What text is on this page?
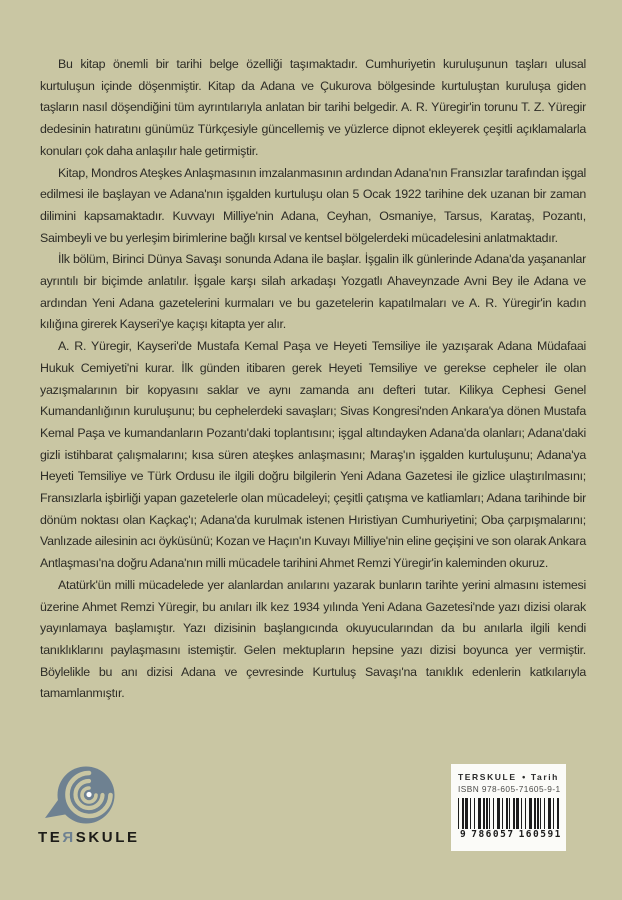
Bu kitap önemli bir tarihi belge özelliği taşımaktadır. Cumhuriyetin kuruluşunun taşları ulusal kurtuluşun içinde döşenmiştir. Kitap da Adana ve Çukurova bölgesinde kurtuluştan kuruluşa giden taşların nasıl döşendiğini tüm ayrıntılarıyla anlatan bir tarihi belgedir. A. R. Yüregir'in torunu T. Z. Yüregir dedesinin hatıratını günümüz Türkçesiyle güncellemiş ve yüzlerce dipnot ekleyerek çeşitli açıklamalarla konuları çok daha anlaşılır hale getirmiştir.

Kitap, Mondros Ateşkes Anlaşmasının imzalanmasının ardından Adana'nın Fransızlar tarafından işgal edilmesi ile başlayan ve Adana'nın işgalden kurtuluşu olan 5 Ocak 1922 tarihine dek uzanan bir zaman dilimini kapsamaktadır. Kuvvayı Milliye'nin Adana, Ceyhan, Osmaniye, Tarsus, Karataş, Pozantı, Saimbeyli ve bu yerleşim birimlerine bağlı kırsal ve kentsel bölgelerdeki mücadelesini anlatmaktadır.

İlk bölüm, Birinci Dünya Savaşı sonunda Adana ile başlar. İşgalin ilk günlerinde Adana'da yaşananlar ayrıntılı bir biçimde anlatılır. İşgale karşı silah arkadaşı Yozgatlı Ahaveynzade Avni Bey ile Adana ve ardından Yeni Adana gazetelerini kurmaları ve bu gazetelerin kapatılmaları ve A. R. Yüregir'in kadın kılığına girerek Kayseri'ye kaçışı kitapta yer alır.

A. R. Yüregir, Kayseri'de Mustafa Kemal Paşa ve Heyeti Temsiliye ile yazışarak Adana Müdafaai Hukuk Cemiyeti'ni kurar. İlk günden itibaren gerek Heyeti Temsiliye ve gerekse cepheler ile olan yazışmalarının bir kopyasını saklar ve aynı zamanda anı defteri tutar. Kilikya Cephesi Genel Kumandanlığının kuruluşunu; bu cephelerdeki savaşları; Sivas Kongresi'nden Ankara'ya dönen Mustafa Kemal Paşa ve kumandanların Pozantı'daki toplantısını; işgal altındayken Adana'da olanları; Adana'daki gizli istihbarat çalışmalarını; kısa süren ateşkes anlaşmasını; Maraş'ın işgalden kurtuluşunu; Adana'ya Heyeti Temsiliye ve Türk Ordusu ile ilgili doğru bilgilerin Yeni Adana Gazetesi ile gizlice ulaştırılmasını; Fransızlarla işbirliği yapan gazetelerle olan mücadeleyi; çeşitli çatışma ve katliamları; Adana tarihinde bir dönüm noktası olan Kaçkaç'ı; Adana'da kurulmak istenen Hıristiyan Cumhuriyetini; Oba çarpışmalarını; Vanlızade ailesinin acı öyküsünü; Kozan ve Haçın'ın Kuvayı Milliye'nin eline geçişini ve son olarak Ankara Antlaşması'na doğru Adana'nın milli mücadele tarihini Ahmet Remzi Yüregir'in kaleminden okuruz.

Atatürk'ün milli mücadelede yer alanlardan anılarını yazarak bunların tarihte yerini almasını istemesi üzerine Ahmet Remzi Yüregir, bu anıları ilk kez 1934 yılında Yeni Adana Gazetesi'nde yazı dizisi olarak yayınlamaya başlamıştır. Yazı dizisinin başlangıcında okuyucularından da bu anılarla ilgili kendi tanıklıklarını paylaşmasını istemiştir. Gelen mektupların hepsine yazı dizisi boyunca yer vermiştir. Böylelikle bu anı dizisi Adana ve çevresinde Kurtuluş Savaşı'na tanıklık edenlerin katkılarıyla tamamlanmıştır.

TEЯSKULE
TERSKULE • Tarih
ISBN 978-605-71605-9-1
9 786057 160591
